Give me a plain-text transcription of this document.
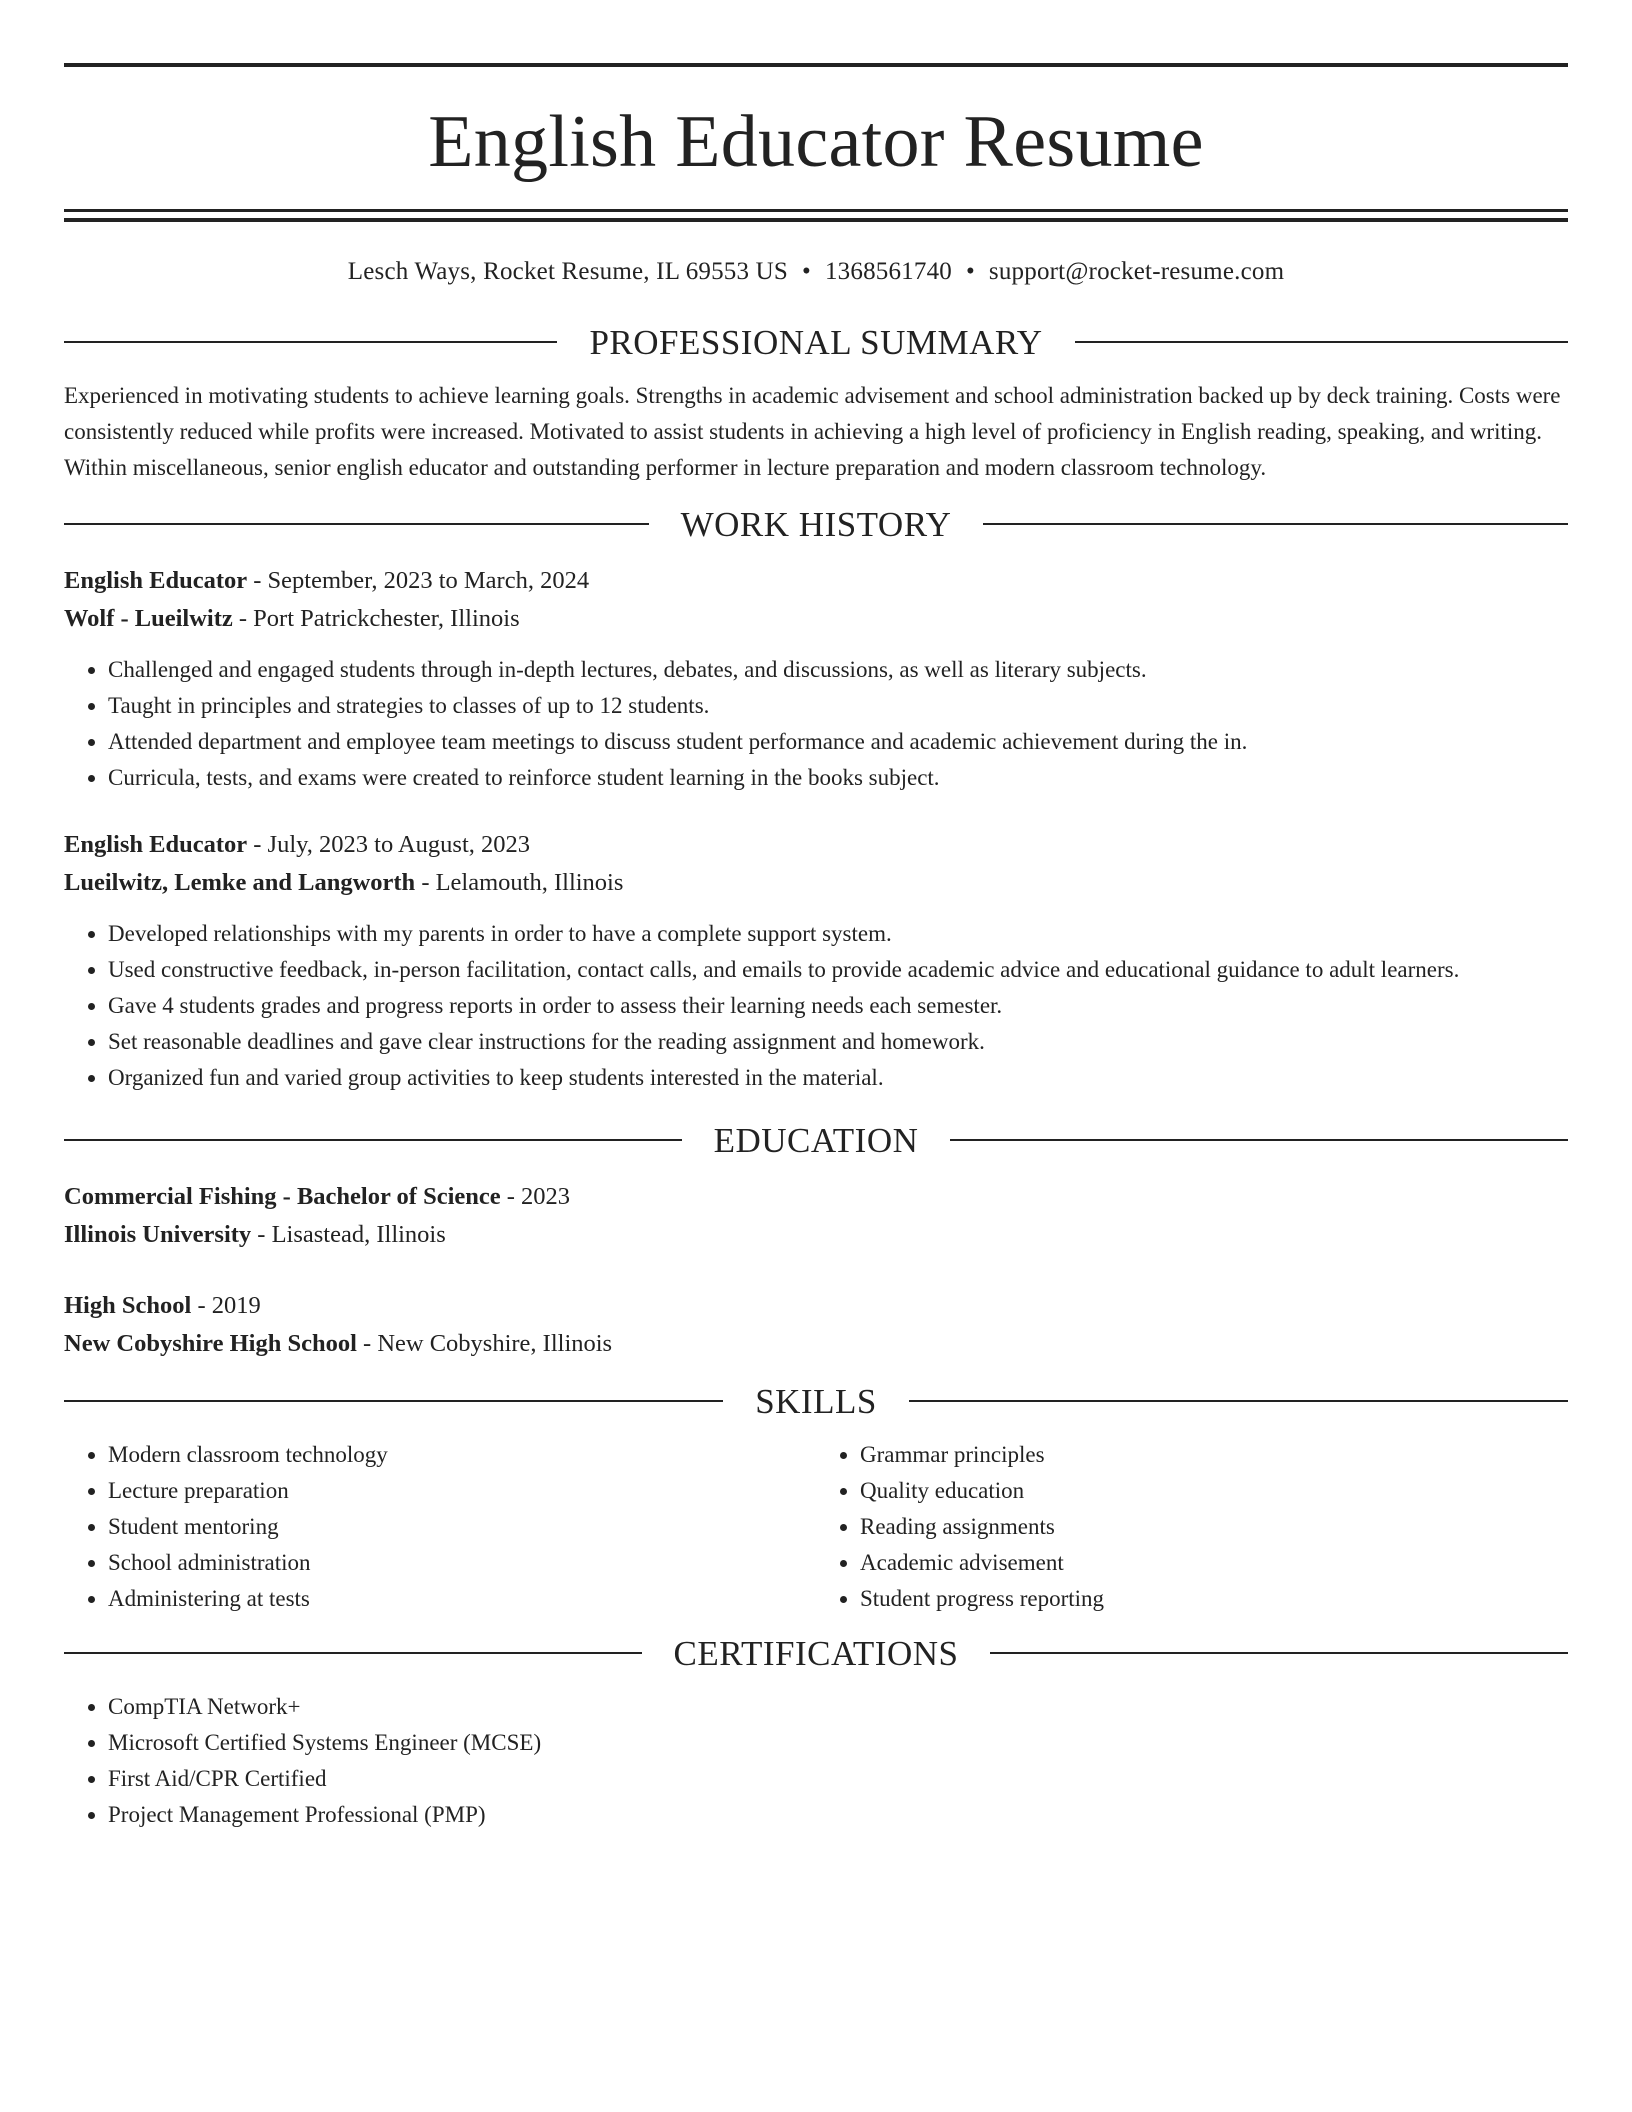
English Educator Resume
Lesch Ways, Rocket Resume, IL 69553 US • 1368561740 • support@rocket-resume.com
PROFESSIONAL SUMMARY

Experienced in motivating students to achieve learning goals. Strengths in academic advisement and school administration backed up by deck training. Costs were consistently reduced while profits were increased. Motivated to assist students in achieving a high level of proficiency in English reading, speaking, and writing. Within miscellaneous, senior english educator and outstanding performer in lecture preparation and modern classroom technology.

WORK HISTORY
English Educator - September, 2023 to March, 2024
Wolf - Lueilwitz - Port Patrickchester, Illinois
• Challenged and engaged students through in-depth lectures, debates, and discussions, as well as literary subjects.
• Taught in principles and strategies to classes of up to 12 students.
• Attended department and employee team meetings to discuss student performance and academic achievement during the in.
• Curricula, tests, and exams were created to reinforce student learning in the books subject.
English Educator - July, 2023 to August, 2023
Lueilwitz, Lemke and Langworth - Lelamouth, Illinois
• Developed relationships with my parents in order to have a complete support system.
• Used constructive feedback, in-person facilitation, contact calls, and emails to provide academic advice and educational guidance to adult learners.
• Gave 4 students grades and progress reports in order to assess their learning needs each semester.
• Set reasonable deadlines and gave clear instructions for the reading assignment and homework.
• Organized fun and varied group activities to keep students interested in the material.
EDUCATION
Commercial Fishing - Bachelor of Science - 2023
Illinois University - Lisastead, Illinois
High School - 2019
New Cobyshire High School - New Cobyshire, Illinois
SKILLS
• Modern classroom technology
• Lecture preparation
• Student mentoring
• School administration
• Administering at tests
• Grammar principles
• Quality education
• Reading assignments
• Academic advisement
• Student progress reporting
CERTIFICATIONS
• CompTIA Network+
• Microsoft Certified Systems Engineer (MCSE)
• First Aid/CPR Certified
• Project Management Professional (PMP)
